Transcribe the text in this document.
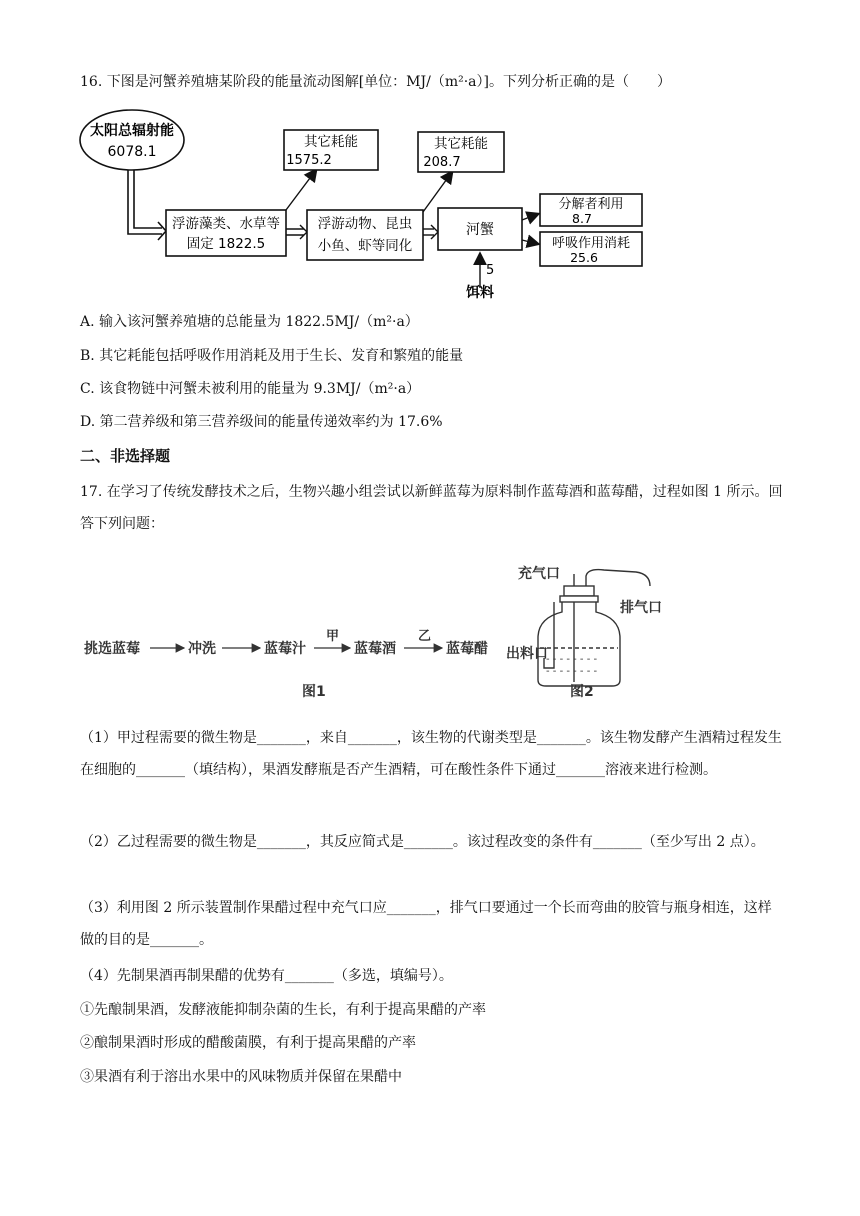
16. 下图是河蟹养殖塘某阶段的能量流动图解[单位：MJ/（m²·a）]。下列分析正确的是（　　）
太阳总辐射能
6078.1
浮游藻类、水草等
固定 1822.5
其它耗能
1575.2
浮游动物、昆虫
小鱼、虾等同化
其它耗能
208.7
河蟹
分解者利用
8.7
呼吸作用消耗
25.6
5
饵料
A. 输入该河蟹养殖塘的总能量为 1822.5MJ/（m²·a）
B. 其它耗能包括呼吸作用消耗及用于生长、发育和繁殖的能量
C. 该食物链中河蟹未被利用的能量为 9.3MJ/（m²·a）
D. 第二营养级和第三营养级间的能量传递效率约为 17.6%
二、非选择题
17. 在学习了传统发酵技术之后，生物兴趣小组尝试以新鲜蓝莓为原料制作蓝莓酒和蓝莓醋，过程如图 1 所示。回答下列问题：
挑选蓝莓	冲洗	蓝莓汁
甲
蓝莓酒
乙
蓝莓醋
图1
- - - - - - - -
- - - - - - - -
充气口
排气口
出料口
图2
（1）甲过程需要的微生物是_______，来自_______，该生物的代谢类型是_______。该生物发酵产生酒精过程发生在细胞的_______（填结构），果酒发酵瓶是否产生酒精，可在酸性条件下通过_______溶液来进行检测。
（2）乙过程需要的微生物是_______，其反应简式是_______。该过程改变的条件有_______（至少写出 2 点）。
（3）利用图 2 所示装置制作果醋过程中充气口应_______，排气口要通过一个长而弯曲的胶管与瓶身相连，这样做的目的是_______。
（4）先制果酒再制果醋的优势有_______（多选，填编号）。
①先酿制果酒，发酵液能抑制杂菌的生长，有利于提高果醋的产率
②酿制果酒时形成的醋酸菌膜，有利于提高果醋的产率
③果酒有利于溶出水果中的风味物质并保留在果醋中
